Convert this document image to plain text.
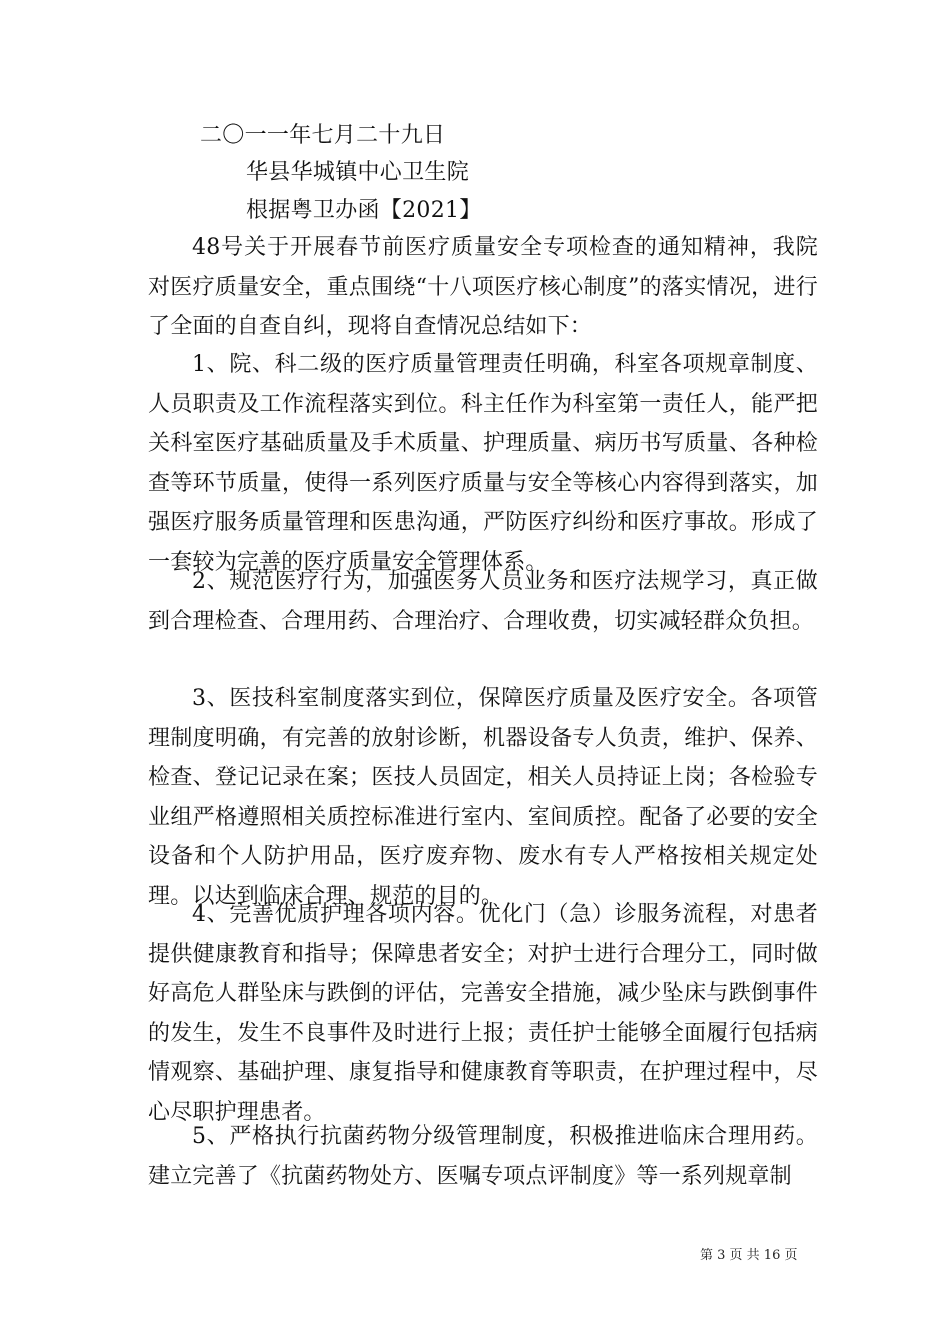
二〇一一年七月二十九日
华县华城镇中心卫生院
根据粤卫办函【2021】
48号关于开展春节前医疗质量安全专项检查的通知精神，我院对医疗质量安全，重点围绕“十八项医疗核心制度”的落实情况，进行了全面的自查自纠，现将自查情况总结如下：
1、院、科二级的医疗质量管理责任明确，科室各项规章制度、人员职责及工作流程落实到位。科主任作为科室第一责任人，能严把关科室医疗基础质量及手术质量、护理质量、病历书写质量、各种检查等环节质量，使得一系列医疗质量与安全等核心内容得到落实，加强医疗服务质量管理和医患沟通，严防医疗纠纷和医疗事故。形成了一套较为完善的医疗质量安全管理体系。
2、规范医疗行为，加强医务人员业务和医疗法规学习，真正做到合理检查、合理用药、合理治疗、合理收费，切实减轻群众负担。
3、医技科室制度落实到位，保障医疗质量及医疗安全。各项管理制度明确，有完善的放射诊断，机器设备专人负责，维护、保养、检查、登记记录在案；医技人员固定，相关人员持证上岗；各检验专业组严格遵照相关质控标准进行室内、室间质控。配备了必要的安全设备和个人防护用品，医疗废弃物、废水有专人严格按相关规定处理。以达到临床合理、规范的目的。
4、完善优质护理各项内容。优化门（急）诊服务流程，对患者提供健康教育和指导；保障患者安全；对护士进行合理分工，同时做好高危人群坠床与跌倒的评估，完善安全措施，减少坠床与跌倒事件的发生，发生不良事件及时进行上报；责任护士能够全面履行包括病情观察、基础护理、康复指导和健康教育等职责，在护理过程中，尽心尽职护理患者。
5、严格执行抗菌药物分级管理制度，积极推进临床合理用药。建立完善了《抗菌药物处方、医嘱专项点评制度》等一系列规章制
第 3 页 共 16 页
